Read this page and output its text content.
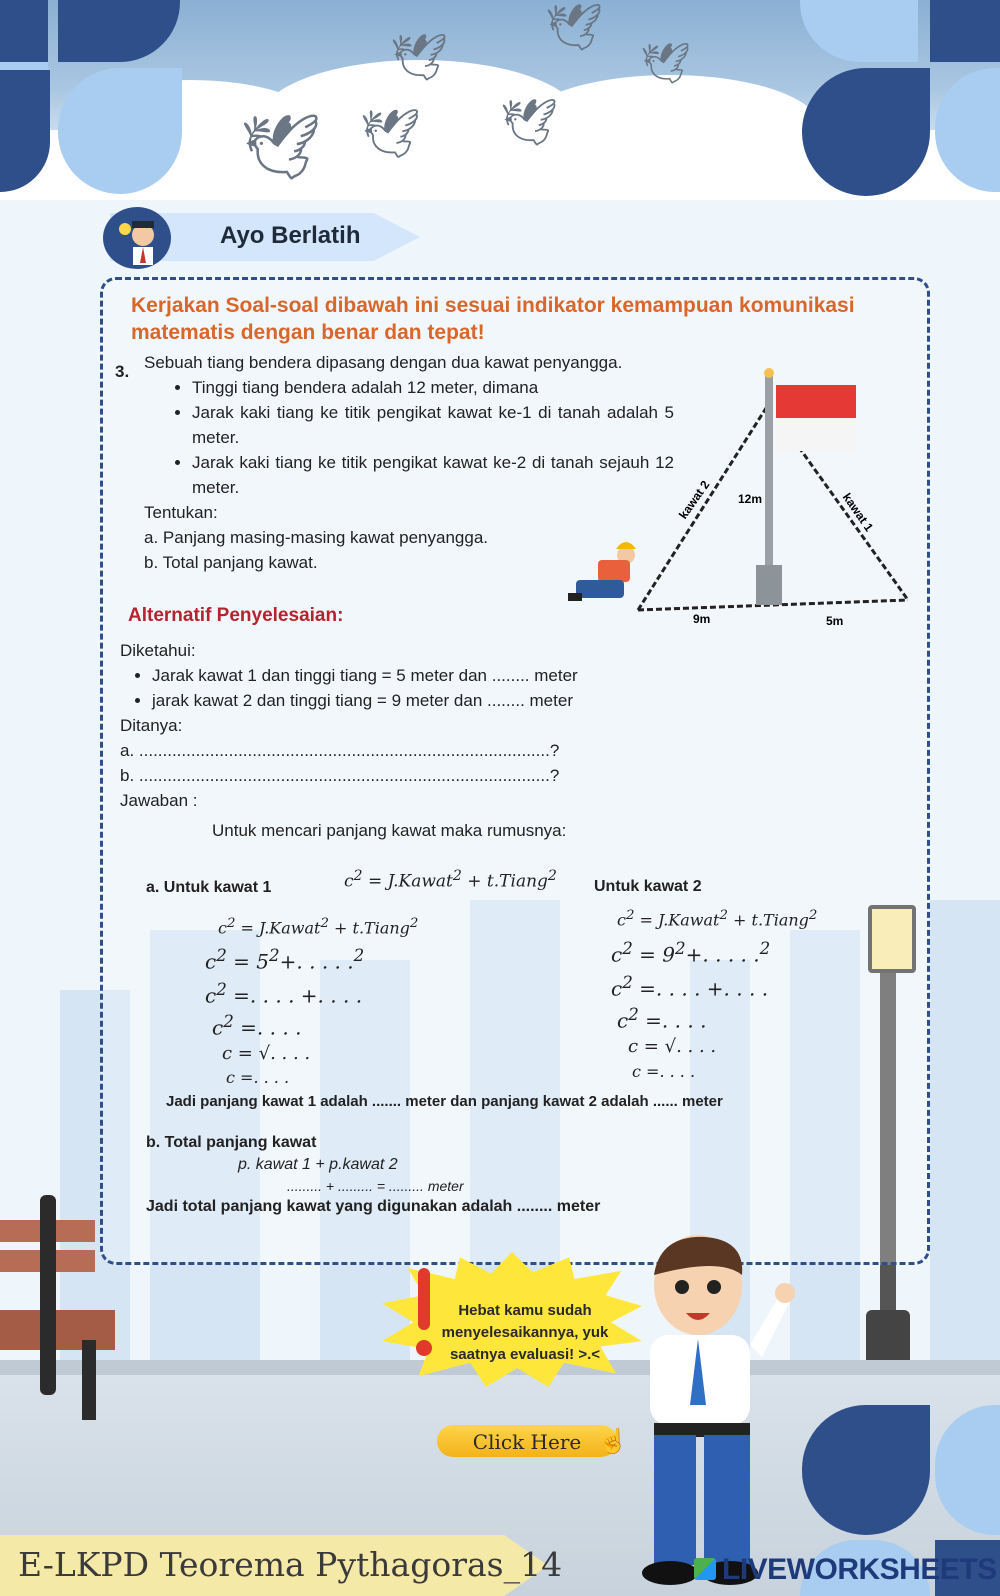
🕊
🕊
🕊
🕊 🕊 🕊
Ayo Berlatih
Kerjakan Soal-soal dibawah ini sesuai indikator kemampuan komunikasi matematis dengan benar dan tepat!
3. Sebuah tiang bendera dipasang dengan dua kawat penyangga.
• Tinggi tiang bendera adalah 12 meter, dimana
• Jarak kaki tiang ke titik pengikat kawat ke-1 di tanah adalah 5 meter.
• Jarak kaki tiang ke titik pengikat kawat ke-2 di tanah sejauh 12 meter.
Tentukan:
a. Panjang masing-masing kawat penyangga.
b. Total panjang kawat.
kawat 2	kawat 1
12m
9m	5m
Alternatif Penyelesaian:
Diketahui:
• Jarak kawat 1 dan tinggi tiang = 5 meter dan ........ meter
• jarak kawat 2 dan tinggi tiang = 9 meter dan ........ meter
Ditanya:
a. .......................................................................................?
b. .......................................................................................?
Jawaban :
Untuk mencari panjang kawat maka rumusnya:
a. Untuk kawat 1	$c^2$ = J.Kawat$^2$ + t.Tiang$^2$
Untuk kawat 2
$c^2$ = J.Kawat$^2$ + t.Tiang$^2$
$c^2 = 5^2+$. . . . .$^2$
$c^2$ =. . . . +. . . .
$c^2$ =. . . .
c = √. . . .
c =. . . .
$c^2$ = J.Kawat$^2$ + t.Tiang$^2$
$c^2 = 9^2+$. . . . .$^2$
$c^2$ =. . . . +. . . .
$c^2$ =. . . .
c = √. . . .
c =. . . .
Jadi panjang kawat 1 adalah ....... meter dan panjang kawat 2 adalah ...... meter
b. Total panjang kawat
p. kawat 1 + p.kawat 2
......... + ......... = ......... meter
Jadi total panjang kawat yang digunakan adalah ........ meter
Hebat kamu sudah menyelesaikannya, yuk saatnya evaluasi! >.<
Click Here ☝
E-LKPD Teorema Pythagoras_14	LIVEWORKSHEETS
